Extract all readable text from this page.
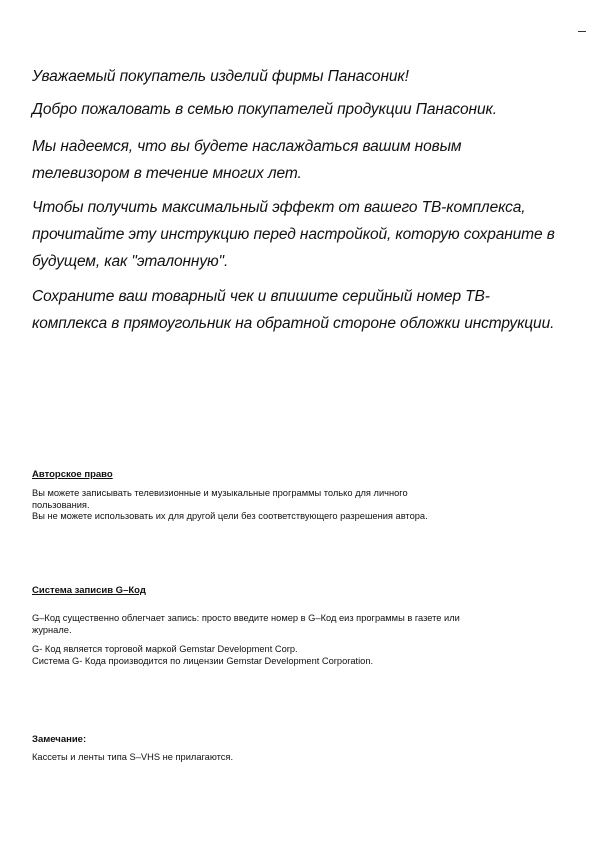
Уважаемый покупатель изделий фирмы Панасоник!

Добро пожаловать в семью покупателей продукции Панасоник.

Мы надеемся, что вы будете наслаждаться вашим новым

телевизором в течение многих лет.

Чтобы получить максимальный эффект от вашего ТВ-комплекса,

прочитайте эту инструкцию перед настройкой, которую сохраните в

будущем, как "эталонную".

Сохраните ваш товарный чек и впишите серийный номер ТВ-

комплекса в прямоугольник на обратной стороне обложки инструкции.

Авторское право

Вы можете записывать телевизионные и музыкальные программы только для личного

пользования.

Вы не можете использовать их для другой цели без соответствующего разрешения автора.

Система записив G–Код

G–Код существенно облегчает запись: просто введите номер в G–Код еиз программы в газете или

журнале.

G- Код является торговой маркой Gemstar Development Corp.

Система G- Кода производится по лицензии Gemstar Development Corporation.

Замечание:

Кассеты и ленты типа S–VHS не прилагаются.
